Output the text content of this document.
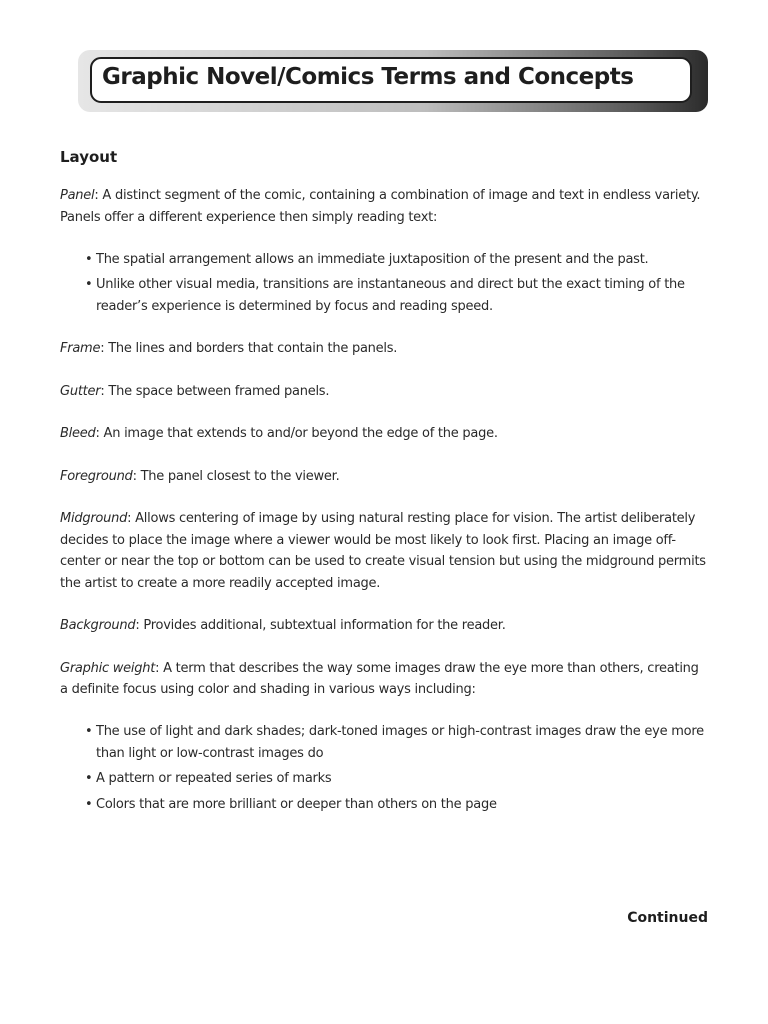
Graphic Novel/Comics Terms and Concepts
Layout

Panel: A distinct segment of the comic, containing a combination of image and text in endless variety. Panels offer a different experience then simply reading text:

• The spatial arrangement allows an immediate juxtaposition of the present and the past.
• Unlike other visual media, transitions are instantaneous and direct but the exact timing of the reader’s experience is determined by focus and reading speed.

Frame: The lines and borders that contain the panels.

Gutter: The space between framed panels.

Bleed: An image that extends to and/or beyond the edge of the page.

Foreground: The panel closest to the viewer.

Midground: Allows centering of image by using natural resting place for vision. The artist deliberately decides to place the image where a viewer would be most likely to look first. Placing an image off-center or near the top or bottom can be used to create visual tension but using the midground permits the artist to create a more readily accepted image.

Background: Provides additional, subtextual information for the reader.

Graphic weight: A term that describes the way some images draw the eye more than others, creating a definite focus using color and shading in various ways including:

• The use of light and dark shades; dark-toned images or high-contrast images draw the eye more than light or low-contrast images do
• A pattern or repeated series of marks
• Colors that are more brilliant or deeper than others on the page

Continued
